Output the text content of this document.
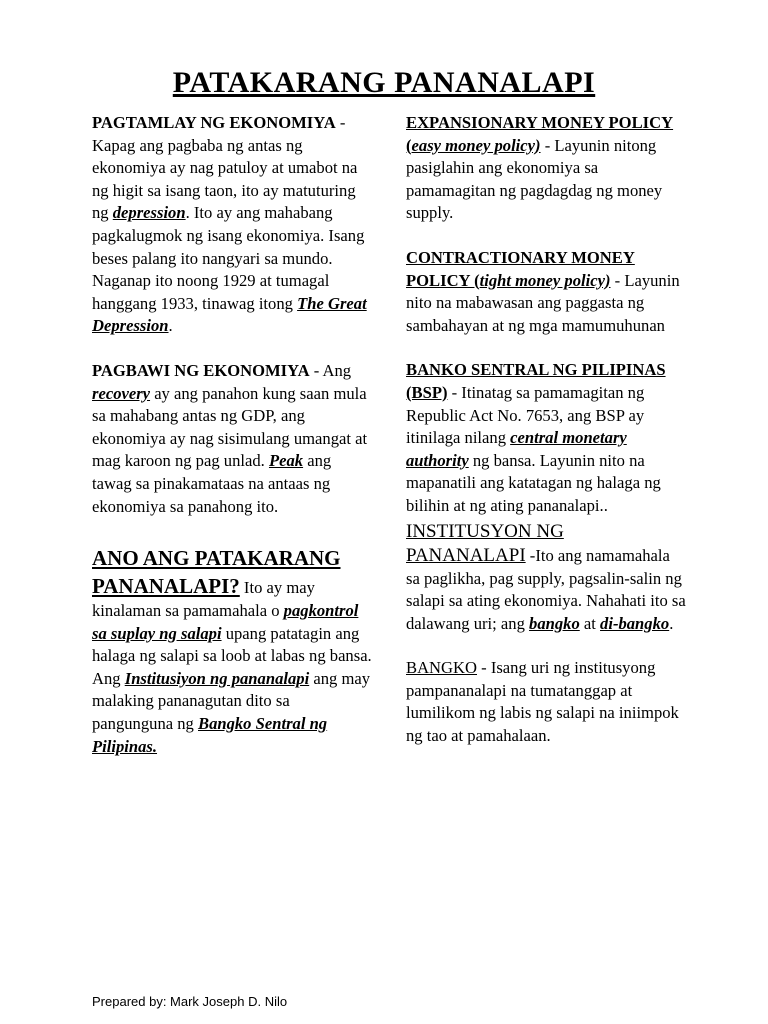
PATAKARANG PANANALAPI

PAGTAMLAY NG EKONOMIYA - Kapag ang pagbaba ng antas ng ekonomiya ay nag patuloy at umabot na ng higit sa isang taon, ito ay matuturing ng depression. Ito ay ang mahabang pagkalugmok ng isang ekonomiya. Isang beses palang ito nangyari sa mundo. Naganap ito noong 1929 at tumagal hanggang 1933, tinawag itong The Great Depression.

PAGBAWI NG EKONOMIYA - Ang recovery ay ang panahon kung saan mula sa mahabang antas ng GDP, ang ekonomiya ay nag sisimulang umangat at mag karoon ng pag unlad. Peak ang tawag sa pinakamataas na antaas ng ekonomiya sa panahong ito.

ANO ANG PATAKARANG PANANALAPI? Ito ay may kinalaman sa pamamahala o pagkontrol sa suplay ng salapi upang patatagin ang halaga ng salapi sa loob at labas ng bansa. Ang Institusiyon ng pananalapi ang may malaking pananagutan dito sa pangunguna ng Bangko Sentral ng Pilipinas.

EXPANSIONARY MONEY POLICY (easy money policy) - Layunin nitong pasiglahin ang ekonomiya sa pamamagitan ng pagdagdag ng money supply.

CONTRACTIONARY MONEY POLICY (tight money policy) - Layunin nito na mabawasan ang paggasta ng sambahayan at ng mga mamumuhunan

BANKO SENTRAL NG PILIPINAS (BSP) - Itinatag sa pamamagitan ng Republic Act No. 7653, ang BSP ay itinilaga nilang central monetary authority ng bansa. Layunin nito na mapanatili ang katatagan ng halaga ng bilihin at ng ating pananalapi..

INSTITUSYON NG PANANALAPI -Ito ang namamahala sa paglikha, pag supply, pagsalin-salin ng salapi sa ating ekonomiya. Nahahati ito sa dalawang uri; ang bangko at di-bangko.

BANGKO - Isang uri ng institusyong pampananalapi na tumatanggap at lumilikom ng labis ng salapi na iniimpok ng tao at pamahalaan.

Prepared by: Mark Joseph D. Nilo
